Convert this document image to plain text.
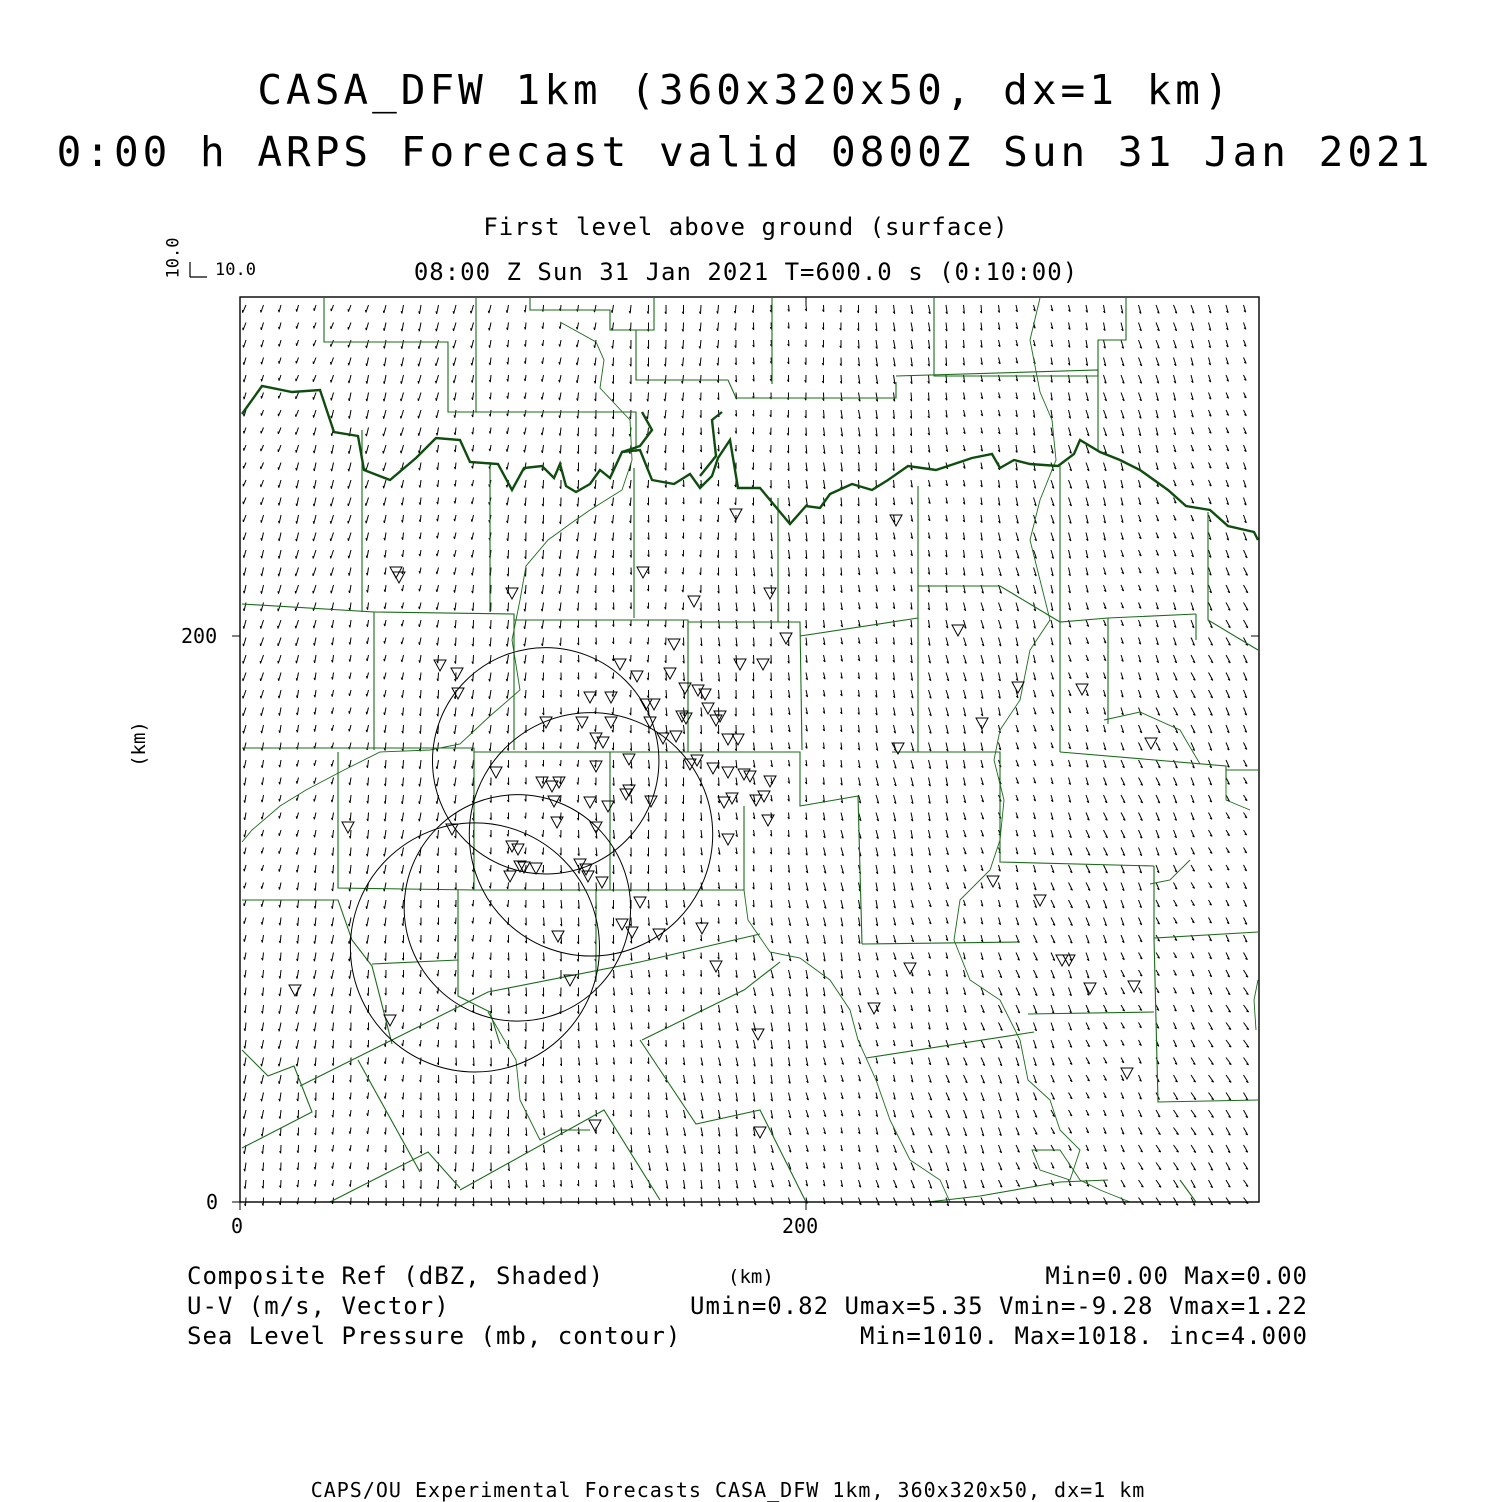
CASA_DFW 1km (360x320x50, dx=1 km)
0:00 h ARPS Forecast valid 0800Z Sun 31 Jan 2021
First level above ground (surface)
08:00 Z Sun 31 Jan 2021 T=600.0 s (0:10:00)
10.0
10.0
(km)
200
0
0	200
(km)
Composite Ref (dBZ, Shaded)
U-V (m/s, Vector)
Sea Level Pressure (mb, contour)
Min=0.00 Max=0.00
Umin=0.82 Umax=5.35 Vmin=-9.28 Vmax=1.22
Min=1010. Max=1018. inc=4.000
CAPS/OU Experimental Forecasts CASA_DFW 1km, 360x320x50, dx=1 km
